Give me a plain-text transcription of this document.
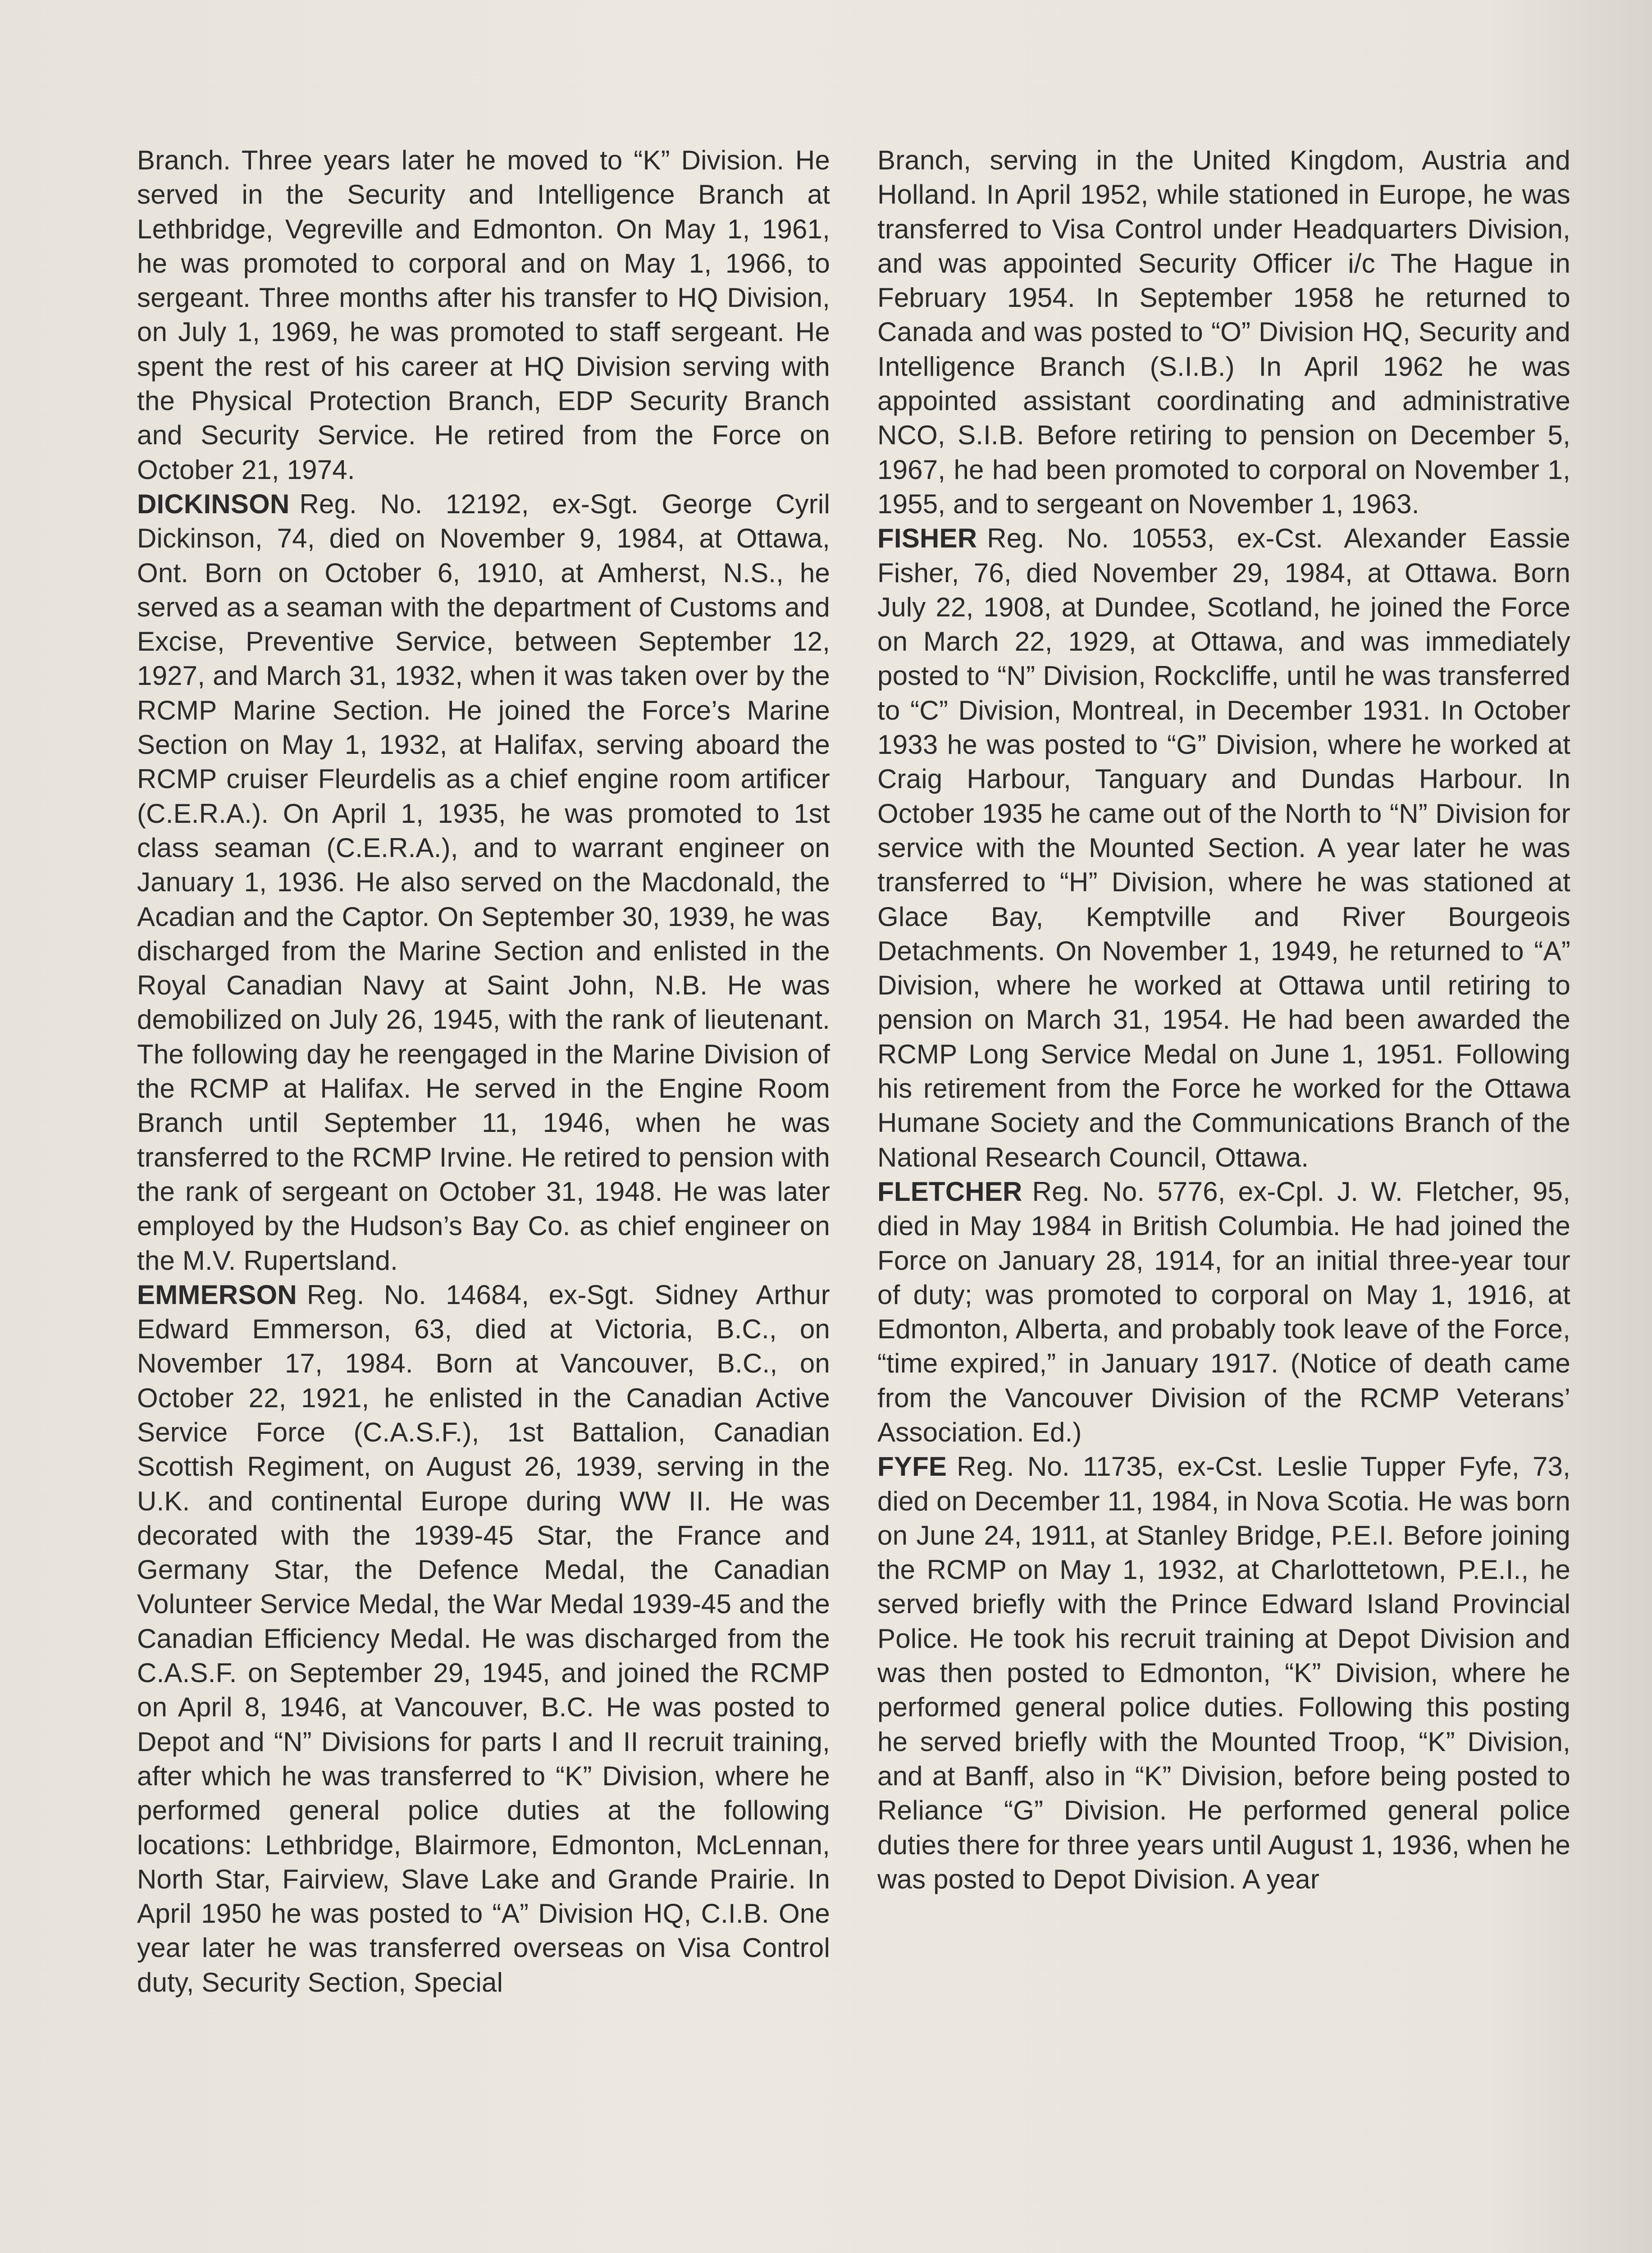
Branch. Three years later he moved to “K” Division. He served in the Security and Intelligence Branch at Lethbridge, Vegreville and Edmonton. On May 1, 1961, he was promoted to corporal and on May 1, 1966, to sergeant. Three months after his transfer to HQ Division, on July 1, 1969, he was promoted to staff sergeant. He spent the rest of his career at HQ Division serving with the Physical Protection Branch, EDP Security Branch and Security Service. He retired from the Force on October 21, 1974.

DICKINSON Reg. No. 12192, ex-Sgt. George Cyril Dickinson, 74, died on November 9, 1984, at Ottawa, Ont. Born on October 6, 1910, at Amherst, N.S., he served as a seaman with the department of Customs and Excise, Preventive Service, between September 12, 1927, and March 31, 1932, when it was taken over by the RCMP Marine Section. He joined the Force’s Marine Section on May 1, 1932, at Halifax, serving aboard the RCMP cruiser Fleurdelis as a chief engine room artificer (C.E.R.A.). On April 1, 1935, he was promoted to 1st class seaman (C.E.R.A.), and to warrant engineer on January 1, 1936. He also served on the Macdonald, the Acadian and the Captor. On September 30, 1939, he was discharged from the Marine Section and enlisted in the Royal Canadian Navy at Saint John, N.B. He was demobilized on July 26, 1945, with the rank of lieutenant. The following day he reengaged in the Marine Division of the RCMP at Halifax. He served in the Engine Room Branch until September 11, 1946, when he was transferred to the RCMP Irvine. He retired to pension with the rank of sergeant on October 31, 1948. He was later employed by the Hudson’s Bay Co. as chief engineer on the M.V. Rupertsland.

EMMERSON Reg. No. 14684, ex-Sgt. Sidney Arthur Edward Emmerson, 63, died at Victoria, B.C., on November 17, 1984. Born at Vancouver, B.C., on October 22, 1921, he enlisted in the Canadian Active Service Force (C.A.S.F.), 1st Battalion, Canadian Scottish Regiment, on August 26, 1939, serving in the U.K. and continental Europe during WW II. He was decorated with the 1939-45 Star, the France and Germany Star, the Defence Medal, the Canadian Volunteer Service Medal, the War Medal 1939-45 and the Canadian Efficiency Medal. He was discharged from the C.A.S.F. on September 29, 1945, and joined the RCMP on April 8, 1946, at Vancouver, B.C. He was posted to Depot and “N” Divisions for parts I and II recruit training, after which he was transferred to “K” Division, where he performed general police duties at the following locations: Lethbridge, Blairmore, Edmonton, McLennan, North Star, Fairview, Slave Lake and Grande Prairie. In April 1950 he was posted to “A” Division HQ, C.I.B. One year later he was transferred overseas on Visa Control duty, Security Section, Special

Branch, serving in the United Kingdom, Austria and Holland. In April 1952, while stationed in Europe, he was transferred to Visa Control under Headquarters Division, and was appointed Security Officer i/c The Hague in February 1954. In September 1958 he returned to Canada and was posted to “O” Division HQ, Security and Intelligence Branch (S.I.B.) In April 1962 he was appointed assistant coordinating and administrative NCO, S.I.B. Before retiring to pension on December 5, 1967, he had been promoted to corporal on November 1, 1955, and to sergeant on November 1, 1963.

FISHER Reg. No. 10553, ex-Cst. Alexander Eassie Fisher, 76, died November 29, 1984, at Ottawa. Born July 22, 1908, at Dundee, Scotland, he joined the Force on March 22, 1929, at Ottawa, and was immediately posted to “N” Division, Rockcliffe, until he was transferred to “C” Division, Montreal, in December 1931. In October 1933 he was posted to “G” Division, where he worked at Craig Harbour, Tanguary and Dundas Harbour. In October 1935 he came out of the North to “N” Division for service with the Mounted Section. A year later he was transferred to “H” Division, where he was stationed at Glace Bay, Kemptville and River Bourgeois Detachments. On November 1, 1949, he returned to “A” Division, where he worked at Ottawa until retiring to pension on March 31, 1954. He had been awarded the RCMP Long Service Medal on June 1, 1951. Following his retirement from the Force he worked for the Ottawa Humane Society and the Communications Branch of the National Research Council, Ottawa.

FLETCHER Reg. No. 5776, ex-Cpl. J. W. Fletcher, 95, died in May 1984 in British Columbia. He had joined the Force on January 28, 1914, for an initial three-year tour of duty; was promoted to corporal on May 1, 1916, at Edmonton, Alberta, and probably took leave of the Force, “time expired,” in January 1917. (Notice of death came from the Vancouver Division of the RCMP Veterans’ Association. Ed.)

FYFE Reg. No. 11735, ex-Cst. Leslie Tupper Fyfe, 73, died on December 11, 1984, in Nova Scotia. He was born on June 24, 1911, at Stanley Bridge, P.E.I. Before joining the RCMP on May 1, 1932, at Charlottetown, P.E.I., he served briefly with the Prince Edward Island Provincial Police. He took his recruit training at Depot Division and was then posted to Edmonton, “K” Division, where he performed general police duties. Following this posting he served briefly with the Mounted Troop, “K” Division, and at Banff, also in “K” Division, before being posted to Reliance “G” Division. He performed general police duties there for three years until August 1, 1936, when he was posted to Depot Division. A year
